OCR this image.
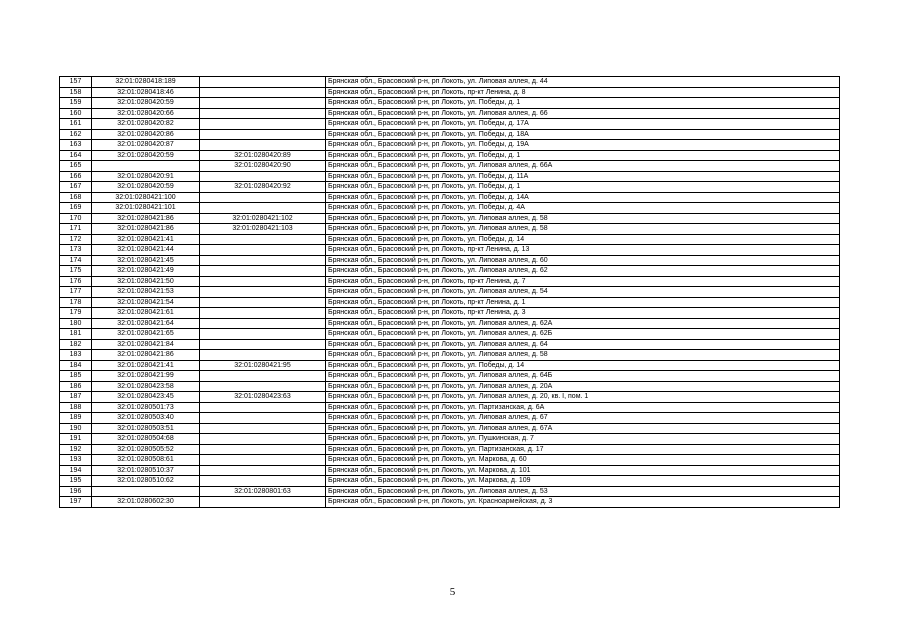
157	32:01:0280418:189		Брянская обл., Брасовский р-н, рп Локоть, ул. Липовая аллея, д. 44
158	32:01:0280418:46		Брянская обл., Брасовский р-н, рп Локоть, пр-кт Ленина, д. 8
159	32:01:0280420:59		Брянская обл., Брасовский р-н, рп Локоть, ул. Победы, д. 1
160	32:01:0280420:66		Брянская обл., Брасовский р-н, рп Локоть, ул. Липовая аллея, д. 66
161	32:01:0280420:82		Брянская обл., Брасовский р-н, рп Локоть, ул. Победы, д. 17А
162	32:01:0280420:86		Брянская обл., Брасовский р-н, рп Локоть, ул. Победы, д. 18А
163	32:01:0280420:87		Брянская обл., Брасовский р-н, рп Локоть, ул. Победы, д. 19А
164	32:01:0280420:59	32:01:0280420:89	Брянская обл., Брасовский р-н, рп Локоть, ул. Победы, д. 1
165		32:01:0280420:90	Брянская обл., Брасовский р-н, рп Локоть, ул. Липовая аллея, д. 66А
166	32:01:0280420:91		Брянская обл., Брасовский р-н, рп Локоть, ул. Победы, д. 11А
167	32:01:0280420:59	32:01:0280420:92	Брянская обл., Брасовский р-н, рп Локоть, ул. Победы, д. 1
168	32:01:0280421:100		Брянская обл., Брасовский р-н, рп Локоть, ул. Победы, д. 14А
169	32:01:0280421:101		Брянская обл., Брасовский р-н, рп Локоть, ул. Победы, д. 4А
170	32:01:0280421:86	32:01:0280421:102	Брянская обл., Брасовский р-н, рп Локоть, ул. Липовая аллея, д. 58
171	32:01:0280421:86	32:01:0280421:103	Брянская обл., Брасовский р-н, рп Локоть, ул. Липовая аллея, д. 58
172	32:01:0280421:41		Брянская обл., Брасовский р-н, рп Локоть, ул. Победы, д. 14
173	32:01:0280421:44		Брянская обл., Брасовский р-н, рп Локоть, пр-кт Ленина, д. 13
174	32:01:0280421:45		Брянская обл., Брасовский р-н, рп Локоть, ул. Липовая аллея, д. 60
175	32:01:0280421:49		Брянская обл., Брасовский р-н, рп Локоть, ул. Липовая аллея, д. 62
176	32:01:0280421:50		Брянская обл., Брасовский р-н, рп Локоть, пр-кт Ленина, д. 7
177	32:01:0280421:53		Брянская обл., Брасовский р-н, рп Локоть, ул. Липовая аллея, д. 54
178	32:01:0280421:54		Брянская обл., Брасовский р-н, рп Локоть, пр-кт Ленина, д. 1
179	32:01:0280421:61		Брянская обл., Брасовский р-н, рп Локоть, пр-кт Ленина, д. 3
180	32:01:0280421:64		Брянская обл., Брасовский р-н, рп Локоть, ул. Липовая аллея, д. 62А
181	32:01:0280421:65		Брянская обл., Брасовский р-н, рп Локоть, ул. Липовая аллея, д. 62Б
182	32:01:0280421:84		Брянская обл., Брасовский р-н, рп Локоть, ул. Липовая аллея, д. 64
183	32:01:0280421:86		Брянская обл., Брасовский р-н, рп Локоть, ул. Липовая аллея, д. 58
184	32:01:0280421:41	32:01:0280421:95	Брянская обл., Брасовский р-н, рп Локоть, ул. Победы, д. 14
185	32:01:0280421:99		Брянская обл., Брасовский р-н, рп Локоть, ул. Липовая аллея, д. 64Б
186	32:01:0280423:58		Брянская обл., Брасовский р-н, рп Локоть, ул. Липовая аллея, д. 20А
187	32:01:0280423:45	32:01:0280423:63	Брянская обл., Брасовский р-н, рп Локоть, ул. Липовая аллея, д. 20, кв. I, пом. 1
188	32:01:0280501:73		Брянская обл., Брасовский р-н, рп Локоть, ул. Партизанская, д. 6А
189	32:01:0280503:40		Брянская обл., Брасовский р-н, рп Локоть, ул. Липовая аллея, д. 67
190	32:01:0280503:51		Брянская обл., Брасовский р-н, рп Локоть, ул. Липовая аллея, д. 67А
191	32:01:0280504:68		Брянская обл., Брасовский р-н, рп Локоть, ул. Пушкинская, д. 7
192	32:01:0280505:52		Брянская обл., Брасовский р-н, рп Локоть, ул. Партизанская, д. 17
193	32:01:0280508:61		Брянская обл., Брасовский р-н, рп Локоть, ул. Маркова, д. 60
194	32:01:0280510:37		Брянская обл., Брасовский р-н, рп Локоть, ул. Маркова, д. 101
195	32:01:0280510:62		Брянская обл., Брасовский р-н, рп Локоть, ул. Маркова, д. 109
196		32:01:0280801:63	Брянская обл., Брасовский р-н, рп Локоть, ул. Липовая аллея, д. 53
197	32:01:0280602:30		Брянская обл., Брасовский р-н, рп Локоть, ул. Красноармейская, д. 3
5
